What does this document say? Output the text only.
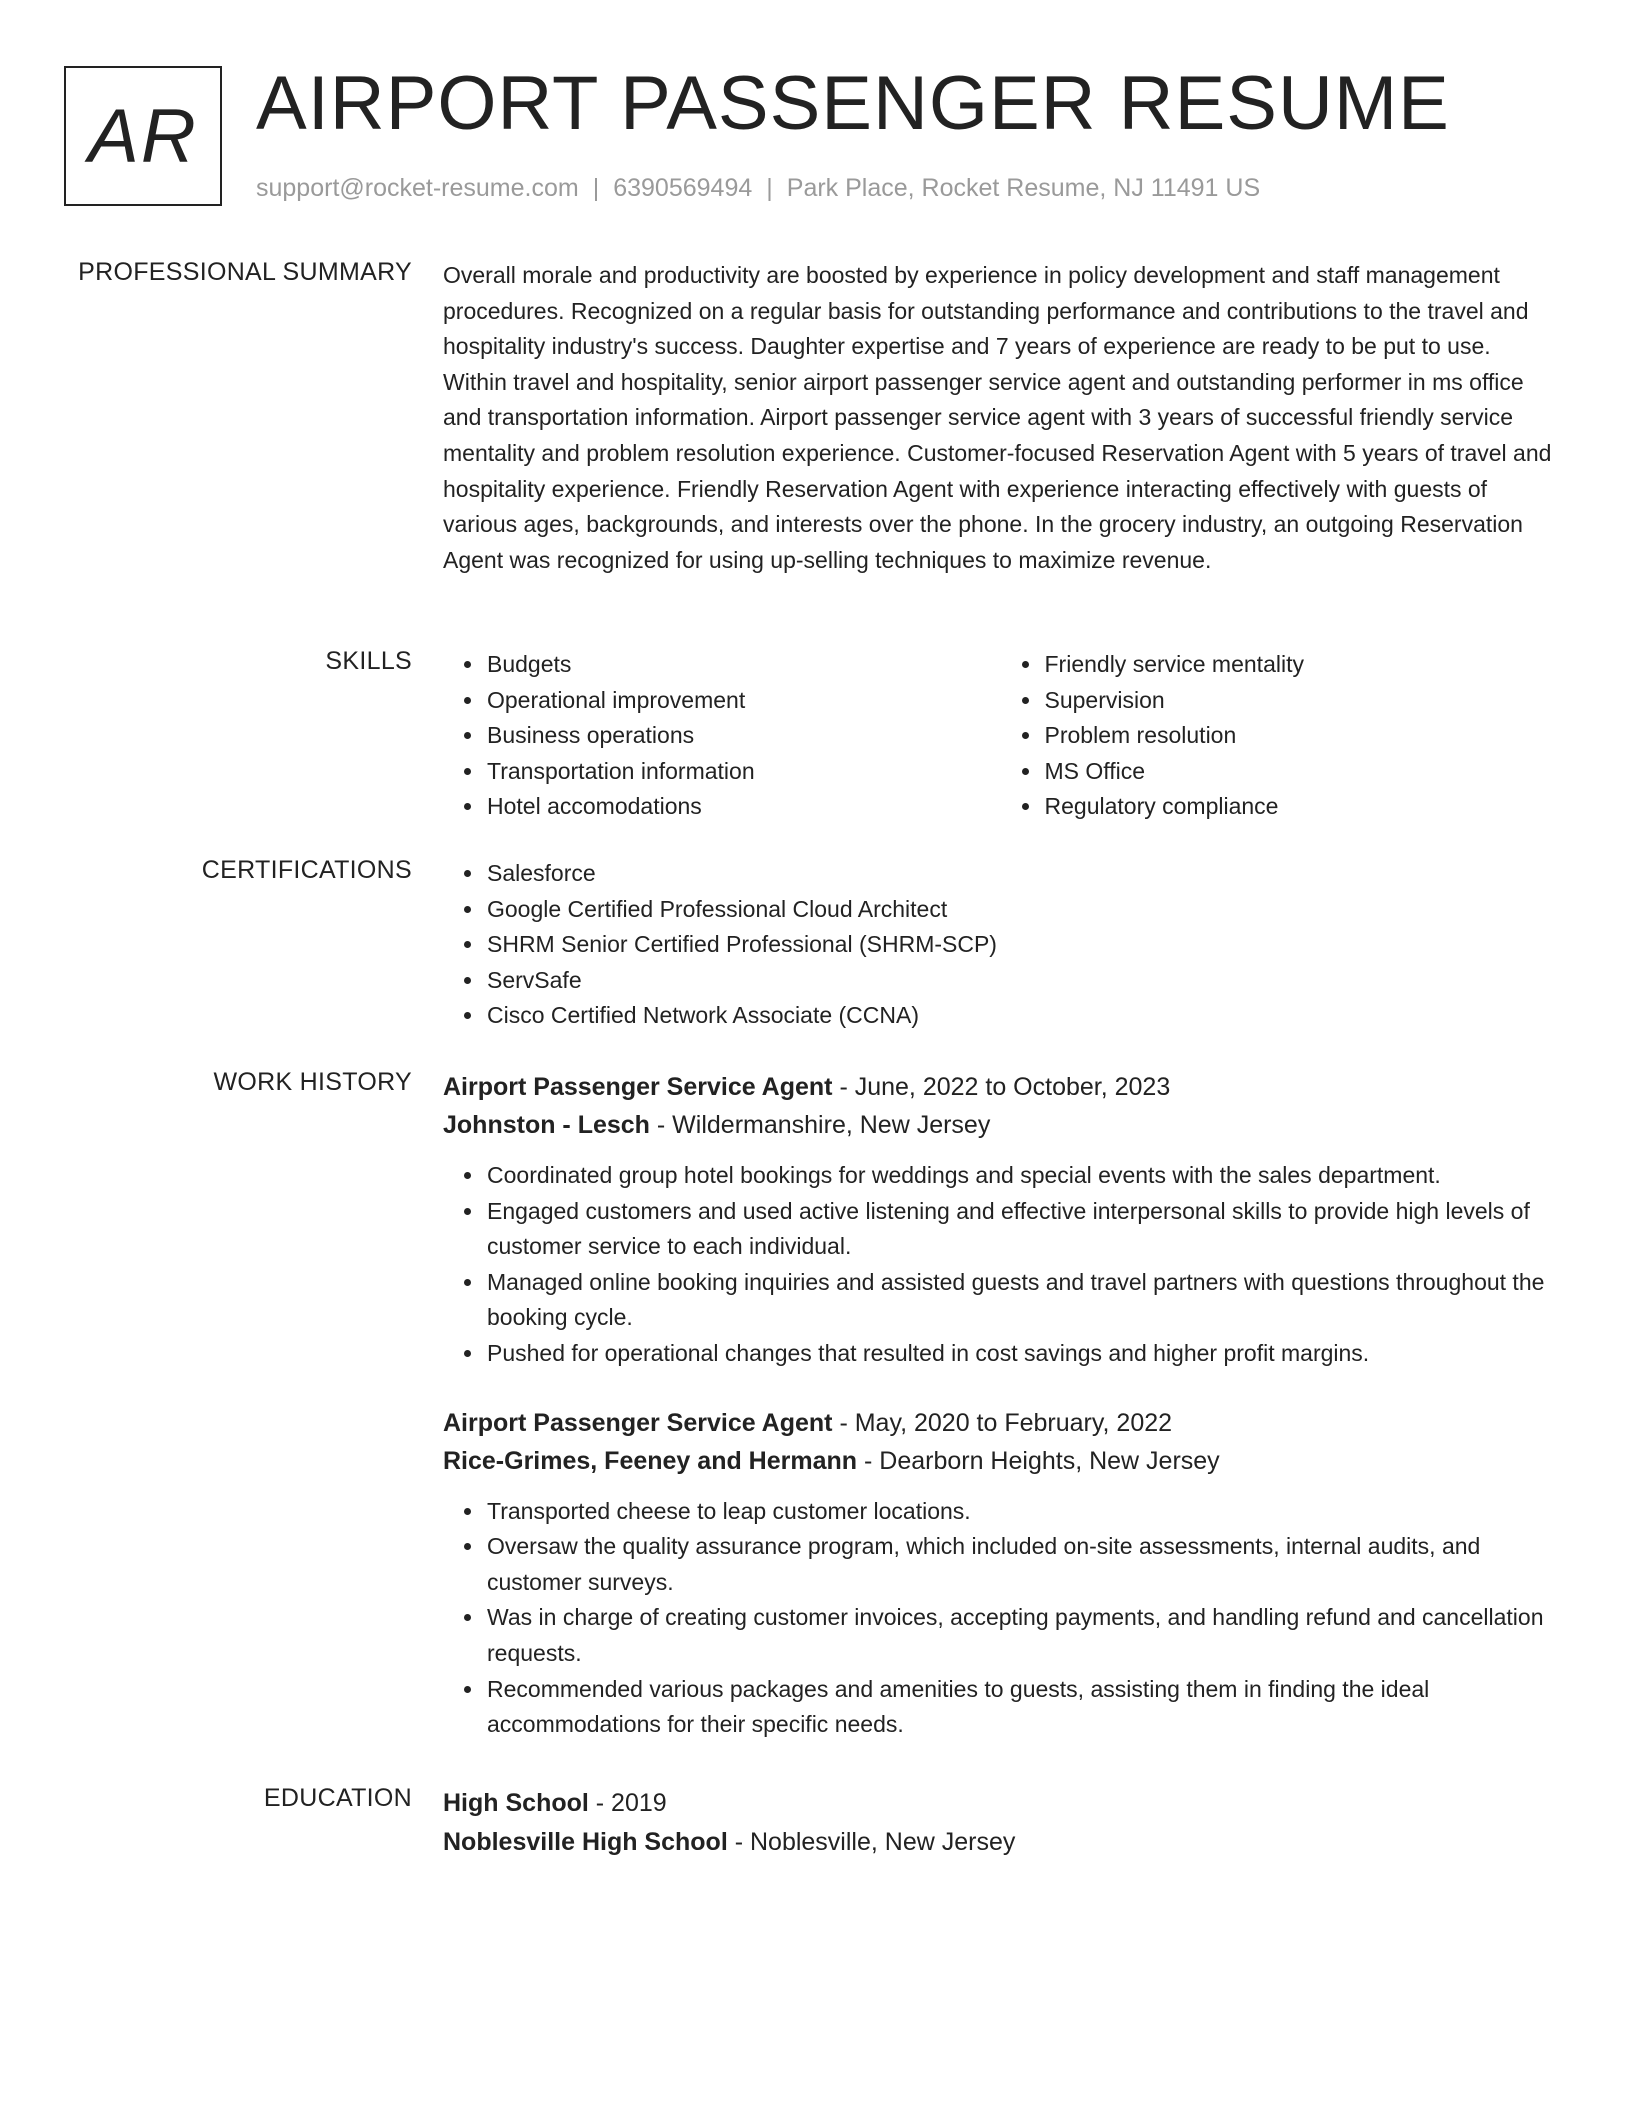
AR AIRPORT PASSENGER RESUME
support@rocket-resume.com | 6390569494 | Park Place, Rocket Resume, NJ 11491 US
PROFESSIONAL SUMMARY Overall morale and productivity are boosted by experience in policy development and staff management procedures. Recognized on a regular basis for outstanding performance and contributions to the travel and hospitality industry's success. Daughter expertise and 7 years of experience are ready to be put to use. Within travel and hospitality, senior airport passenger service agent and outstanding performer in ms office and transportation information. Airport passenger service agent with 3 years of successful friendly service mentality and problem resolution experience. Customer-focused Reservation Agent with 5 years of travel and hospitality experience. Friendly Reservation Agent with experience interacting effectively with guests of various ages, backgrounds, and interests over the phone. In the grocery industry, an outgoing Reservation Agent was recognized for using up-selling techniques to maximize revenue.

SKILLS	• Budgets
• Operational improvement
• Business operations
• Transportation information
• Hotel accomodations
• Friendly service mentality
• Supervision
• Problem resolution
• MS Office
• Regulatory compliance
CERTIFICATIONS	• Salesforce
• Google Certified Professional Cloud Architect
• SHRM Senior Certified Professional (SHRM-SCP)
• ServSafe
• Cisco Certified Network Associate (CCNA)
WORK HISTORY Airport Passenger Service Agent - June, 2022 to October, 2023
Johnston - Lesch - Wildermanshire, New Jersey
• Coordinated group hotel bookings for weddings and special events with the sales department.
• Engaged customers and used active listening and effective interpersonal skills to provide high levels of customer service to each individual.
• Managed online booking inquiries and assisted guests and travel partners with questions throughout the booking cycle.
• Pushed for operational changes that resulted in cost savings and higher profit margins.
Airport Passenger Service Agent - May, 2020 to February, 2022
Rice-Grimes, Feeney and Hermann - Dearborn Heights, New Jersey
• Transported cheese to leap customer locations.
• Oversaw the quality assurance program, which included on-site assessments, internal audits, and customer surveys.
• Was in charge of creating customer invoices, accepting payments, and handling refund and cancellation requests.
• Recommended various packages and amenities to guests, assisting them in finding the ideal accommodations for their specific needs.
EDUCATION High School - 2019
Noblesville High School - Noblesville, New Jersey
